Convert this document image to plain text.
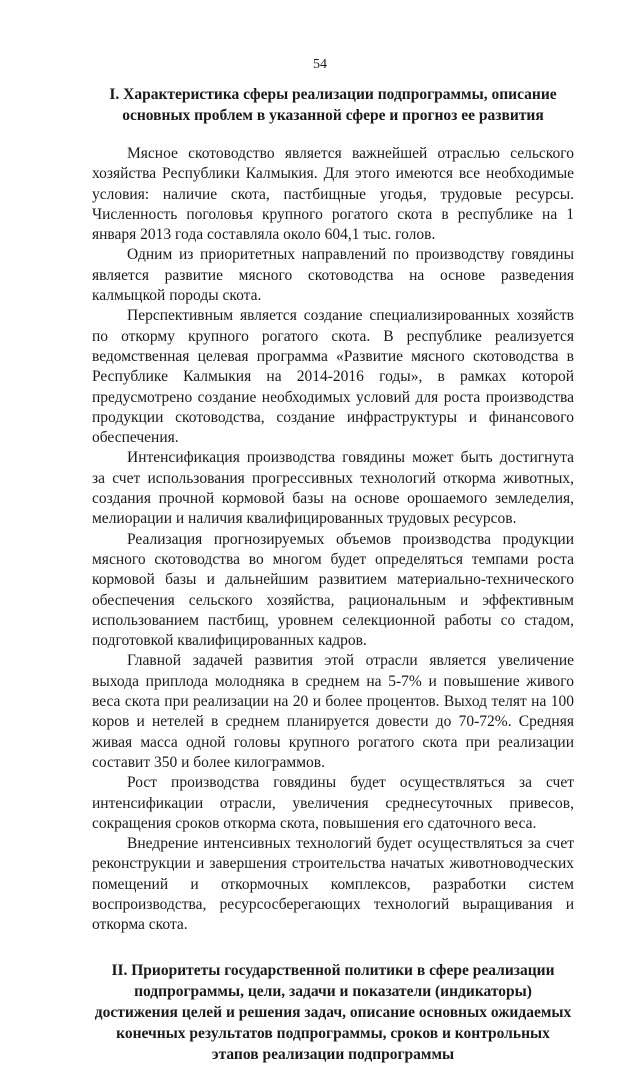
54
I. Характеристика сферы реализации подпрограммы, описание основных проблем в указанной сфере и прогноз ее развития

Мясное скотоводство является важнейшей отраслью сельского хозяйства Республики Калмыкия. Для этого имеются все необходимые условия: наличие скота, пастбищные угодья, трудовые ресурсы. Численность поголовья крупного рогатого скота в республике на 1 января 2013 года составляла около 604,1 тыс. голов.

Одним из приоритетных направлений по производству говядины является развитие мясного скотоводства на основе разведения калмыцкой породы скота.

Перспективным является создание специализированных хозяйств по откорму крупного рогатого скота. В республике реализуется ведомственная целевая программа «Развитие мясного скотоводства в Республике Калмыкия на 2014-2016 годы», в рамках которой предусмотрено создание необходимых условий для роста производства продукции скотоводства, создание инфраструктуры и финансового обеспечения.

Интенсификация производства говядины может быть достигнута за счет использования прогрессивных технологий откорма животных, создания прочной кормовой базы на основе орошаемого земледелия, мелиорации и наличия квалифицированных трудовых ресурсов.

Реализация прогнозируемых объемов производства продукции мясного скотоводства во многом будет определяться темпами роста кормовой базы и дальнейшим развитием материально-технического обеспечения сельского хозяйства, рациональным и эффективным использованием пастбищ, уровнем селекционной работы со стадом, подготовкой квалифицированных кадров.

Главной задачей развития этой отрасли является увеличение выхода приплода молодняка в среднем на 5-7% и повышение живого веса скота при реализации на 20 и более процентов. Выход телят на 100 коров и нетелей в среднем планируется довести до 70-72%. Средняя живая масса одной головы крупного рогатого скота при реализации составит 350 и более килограммов.

Рост производства говядины будет осуществляться за счет интенсификации отрасли, увеличения среднесуточных привесов, сокращения сроков откорма скота, повышения его сдаточного веса.

Внедрение интенсивных технологий будет осуществляться за счет реконструкции и завершения строительства начатых животноводческих помещений и откормочных комплексов, разработки систем воспроизводства, ресурсосберегающих технологий выращивания и откорма скота.

II. Приоритеты государственной политики в сфере реализации подпрограммы, цели, задачи и показатели (индикаторы) достижения целей и решения задач, описание основных ожидаемых конечных результатов подпрограммы, сроков и контрольных этапов реализации подпрограммы
